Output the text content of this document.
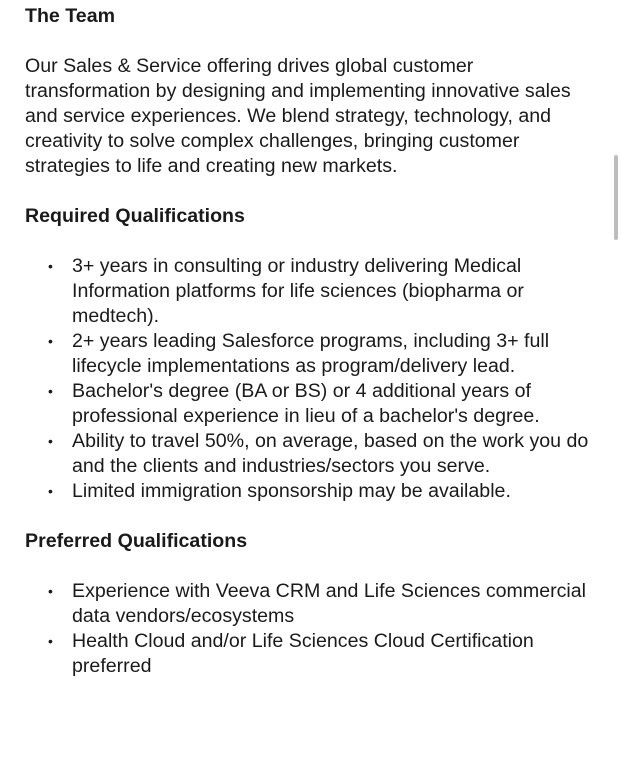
The Team

Our Sales & Service offering drives global customer transformation by designing and implementing innovative sales and service experiences. We blend strategy, technology, and creativity to solve complex challenges, bringing customer strategies to life and creating new markets.

Required Qualifications
• 3+ years in consulting or industry delivering Medical Information platforms for life sciences (biopharma or medtech).
• 2+ years leading Salesforce programs, including 3+ full lifecycle implementations as program/delivery lead.
• Bachelor's degree (BA or BS) or 4 additional years of professional experience in lieu of a bachelor's degree.
• Ability to travel 50%, on average, based on the work you do and the clients and industries/sectors you serve.
• Limited immigration sponsorship may be available.
Preferred Qualifications
• Experience with Veeva CRM and Life Sciences commercial data vendors/ecosystems
• Health Cloud and/or Life Sciences Cloud Certification preferred
